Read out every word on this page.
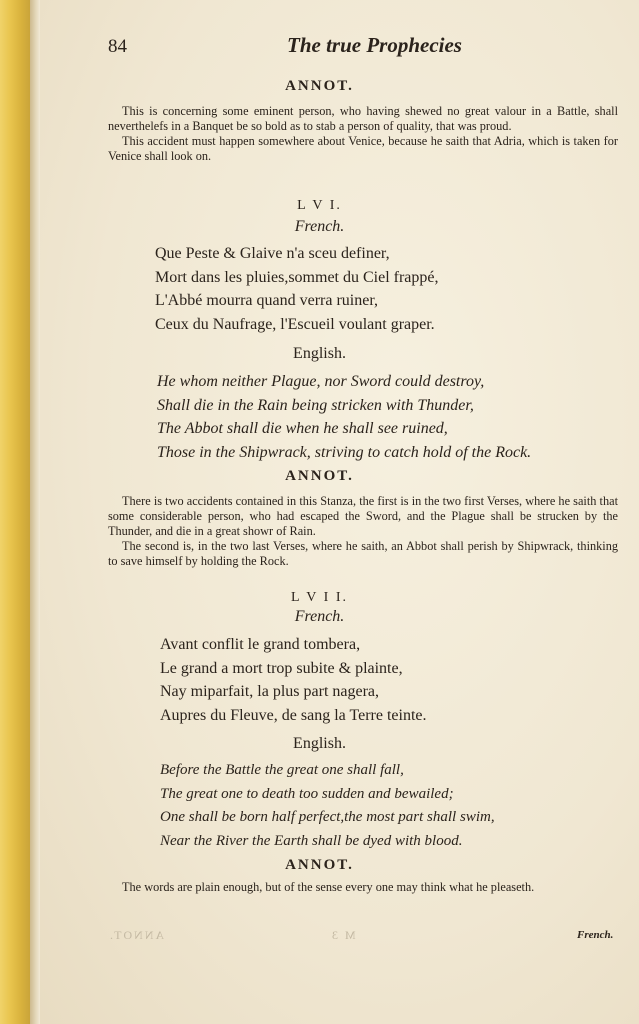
84	The true Prophecies
ANNOT.

This is concerning some eminent person, who having shewed no great valour in a Battle, shall neverthelefs in a Banquet be so bold as to stab a person of quality, that was proud.

This accident must happen somewhere about Venice, because he saith that Adria, which is taken for Venice shall look on.

L V I.
French.
Que Peste & Glaive n'a sceu definer,
Mort dans les pluies,sommet du Ciel frappé,
L'Abbé mourra quand verra ruiner,
Ceux du Naufrage, l'Escueil voulant graper.
English.
He whom neither Plague, nor Sword could destroy,
Shall die in the Rain being stricken with Thunder,
The Abbot shall die when he shall see ruined,
Those in the Shipwrack, striving to catch hold of the Rock.
ANNOT.

There is two accidents contained in this Stanza, the first is in the two first Verses, where he saith that some considerable person, who had escaped the Sword, and the Plague shall be strucken by the Thunder, and die in a great showr of Rain.

The second is, in the two last Verses, where he saith, an Abbot shall perish by Shipwrack, thinking to save himself by holding the Rock.

L V I I.
French.
Avant conflit le grand tombera,
Le grand a mort trop subite & plainte,
Nay miparfait, la plus part nagera,
Aupres du Fleuve, de sang la Terre teinte.
English.
Before the Battle the great one shall fall,
The great one to death too sudden and bewailed;
One shall be born half perfect,the most part shall swim,
Near the River the Earth shall be dyed with blood.
ANNOT.

The words are plain enough, but of the sense every one may think what he pleaseth.

ANNOT.	M 3	French.
